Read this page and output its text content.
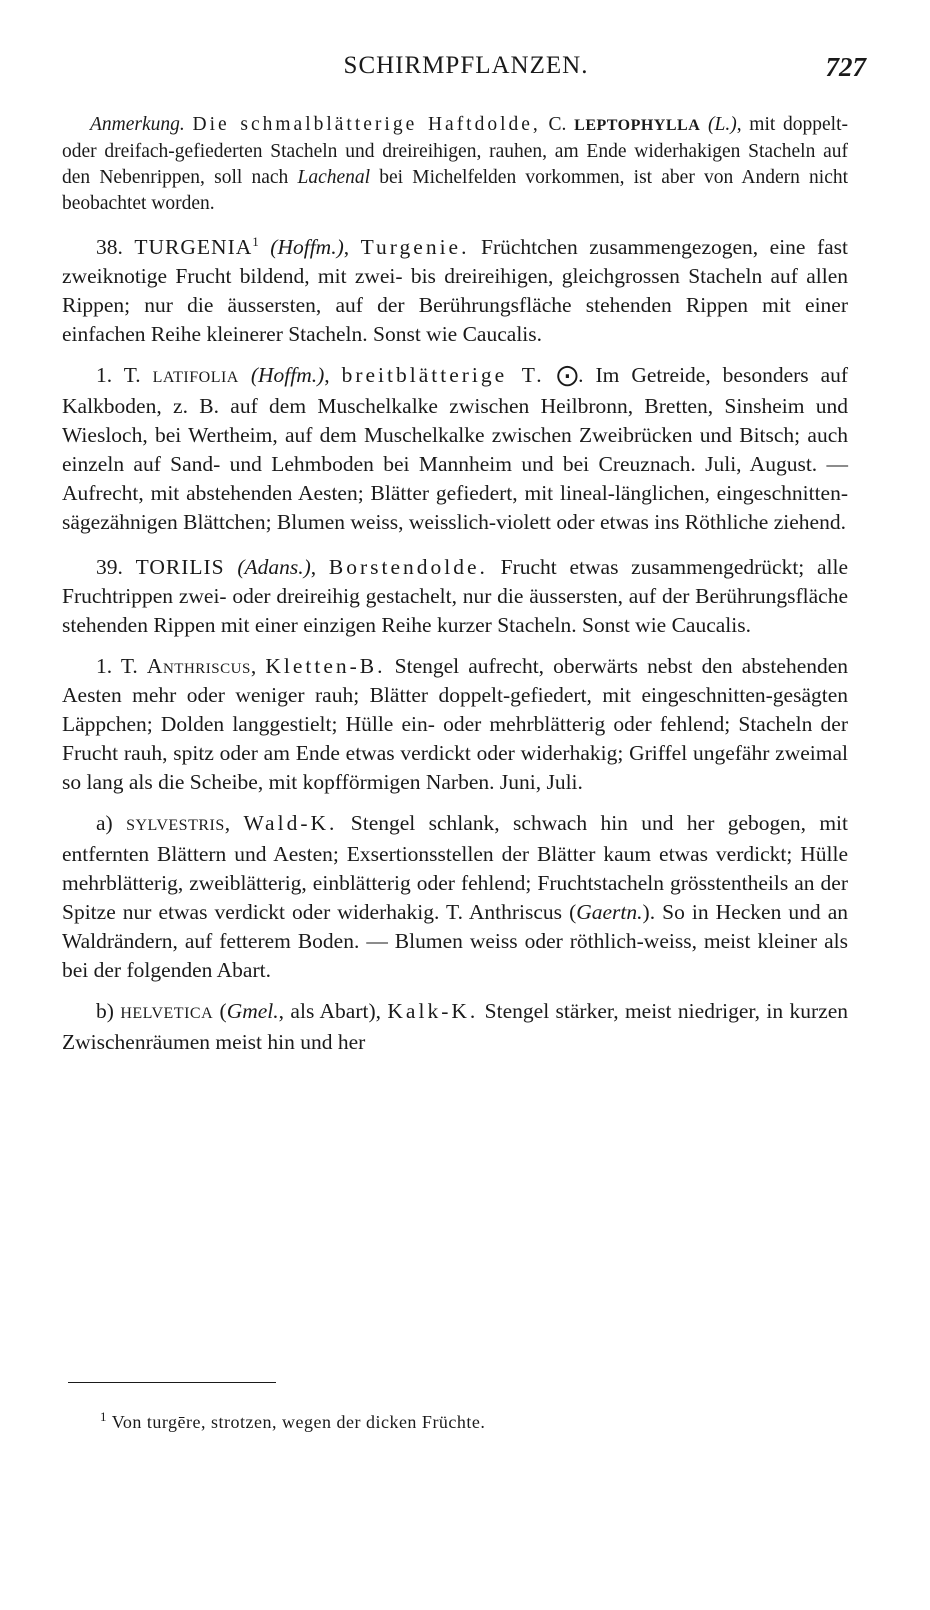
SCHIRMPFLANZEN.	727

Anmerkung. Die schmalblätterige Haftdolde, C. LEPTOPHYLLA (L.), mit doppelt- oder dreifach-gefiederten Stacheln und dreireihigen, rauhen, am Ende widerhakigen Stacheln auf den Nebenrippen, soll nach Lachenal bei Michelfelden vorkommen, ist aber von Andern nicht beobachtet worden.

38. TURGENIA$^1$ (Hoffm.), Turgenie. Früchtchen zusammengezogen, eine fast zweiknotige Frucht bildend, mit zwei- bis dreireihigen, gleichgrossen Stacheln auf allen Rippen; nur die äussersten, auf der Berührungsfläche stehenden Rippen mit einer einfachen Reihe kleinerer Stacheln. Sonst wie Caucalis.

1. T. LATIFOLIA (Hoffm.), breitblätterige T. ⨀. Im Getreide, besonders auf Kalkboden, z. B. auf dem Muschelkalke zwischen Heilbronn, Bretten, Sinsheim und Wiesloch, bei Wertheim, auf dem Muschelkalke zwischen Zweibrücken und Bitsch; auch einzeln auf Sand- und Lehmboden bei Mannheim und bei Creuznach. Juli, August. — Aufrecht, mit abstehenden Aesten; Blätter gefiedert, mit lineal-länglichen, eingeschnitten-sägezähnigen Blättchen; Blumen weiss, weisslich-violett oder etwas ins Röthliche ziehend.

39. TORILIS (Adans.), Borstendolde. Frucht etwas zusammengedrückt; alle Fruchtrippen zwei- oder dreireihig gestachelt, nur die äussersten, auf der Berührungsfläche stehenden Rippen mit einer einzigen Reihe kurzer Stacheln. Sonst wie Caucalis.

1. T. Anthriscus, Kletten-B. Stengel aufrecht, oberwärts nebst den abstehenden Aesten mehr oder weniger rauh; Blätter doppelt-gefiedert, mit eingeschnitten-gesägten Läppchen; Dolden langgestielt; Hülle ein- oder mehrblätterig oder fehlend; Stacheln der Frucht rauh, spitz oder am Ende etwas verdickt oder widerhakig; Griffel ungefähr zweimal so lang als die Scheibe, mit kopfförmigen Narben. Juni, Juli.

a) SYLVESTRIS, Wald-K. Stengel schlank, schwach hin und her gebogen, mit entfernten Blättern und Aesten; Exsertionsstellen der Blätter kaum etwas verdickt; Hülle mehrblätterig, zweiblätterig, einblätterig oder fehlend; Fruchtstacheln grösstentheils an der Spitze nur etwas verdickt oder widerhakig. T. Anthriscus (Gaertn.). So in Hecken und an Waldrändern, auf fetterem Boden. — Blumen weiss oder röthlich-weiss, meist kleiner als bei der folgenden Abart.

b) HELVETICA (Gmel., als Abart), Kalk-K. Stengel stärker, meist niedriger, in kurzen Zwischenräumen meist hin und her

$^1$ Von turgēre, strotzen, wegen der dicken Früchte.
